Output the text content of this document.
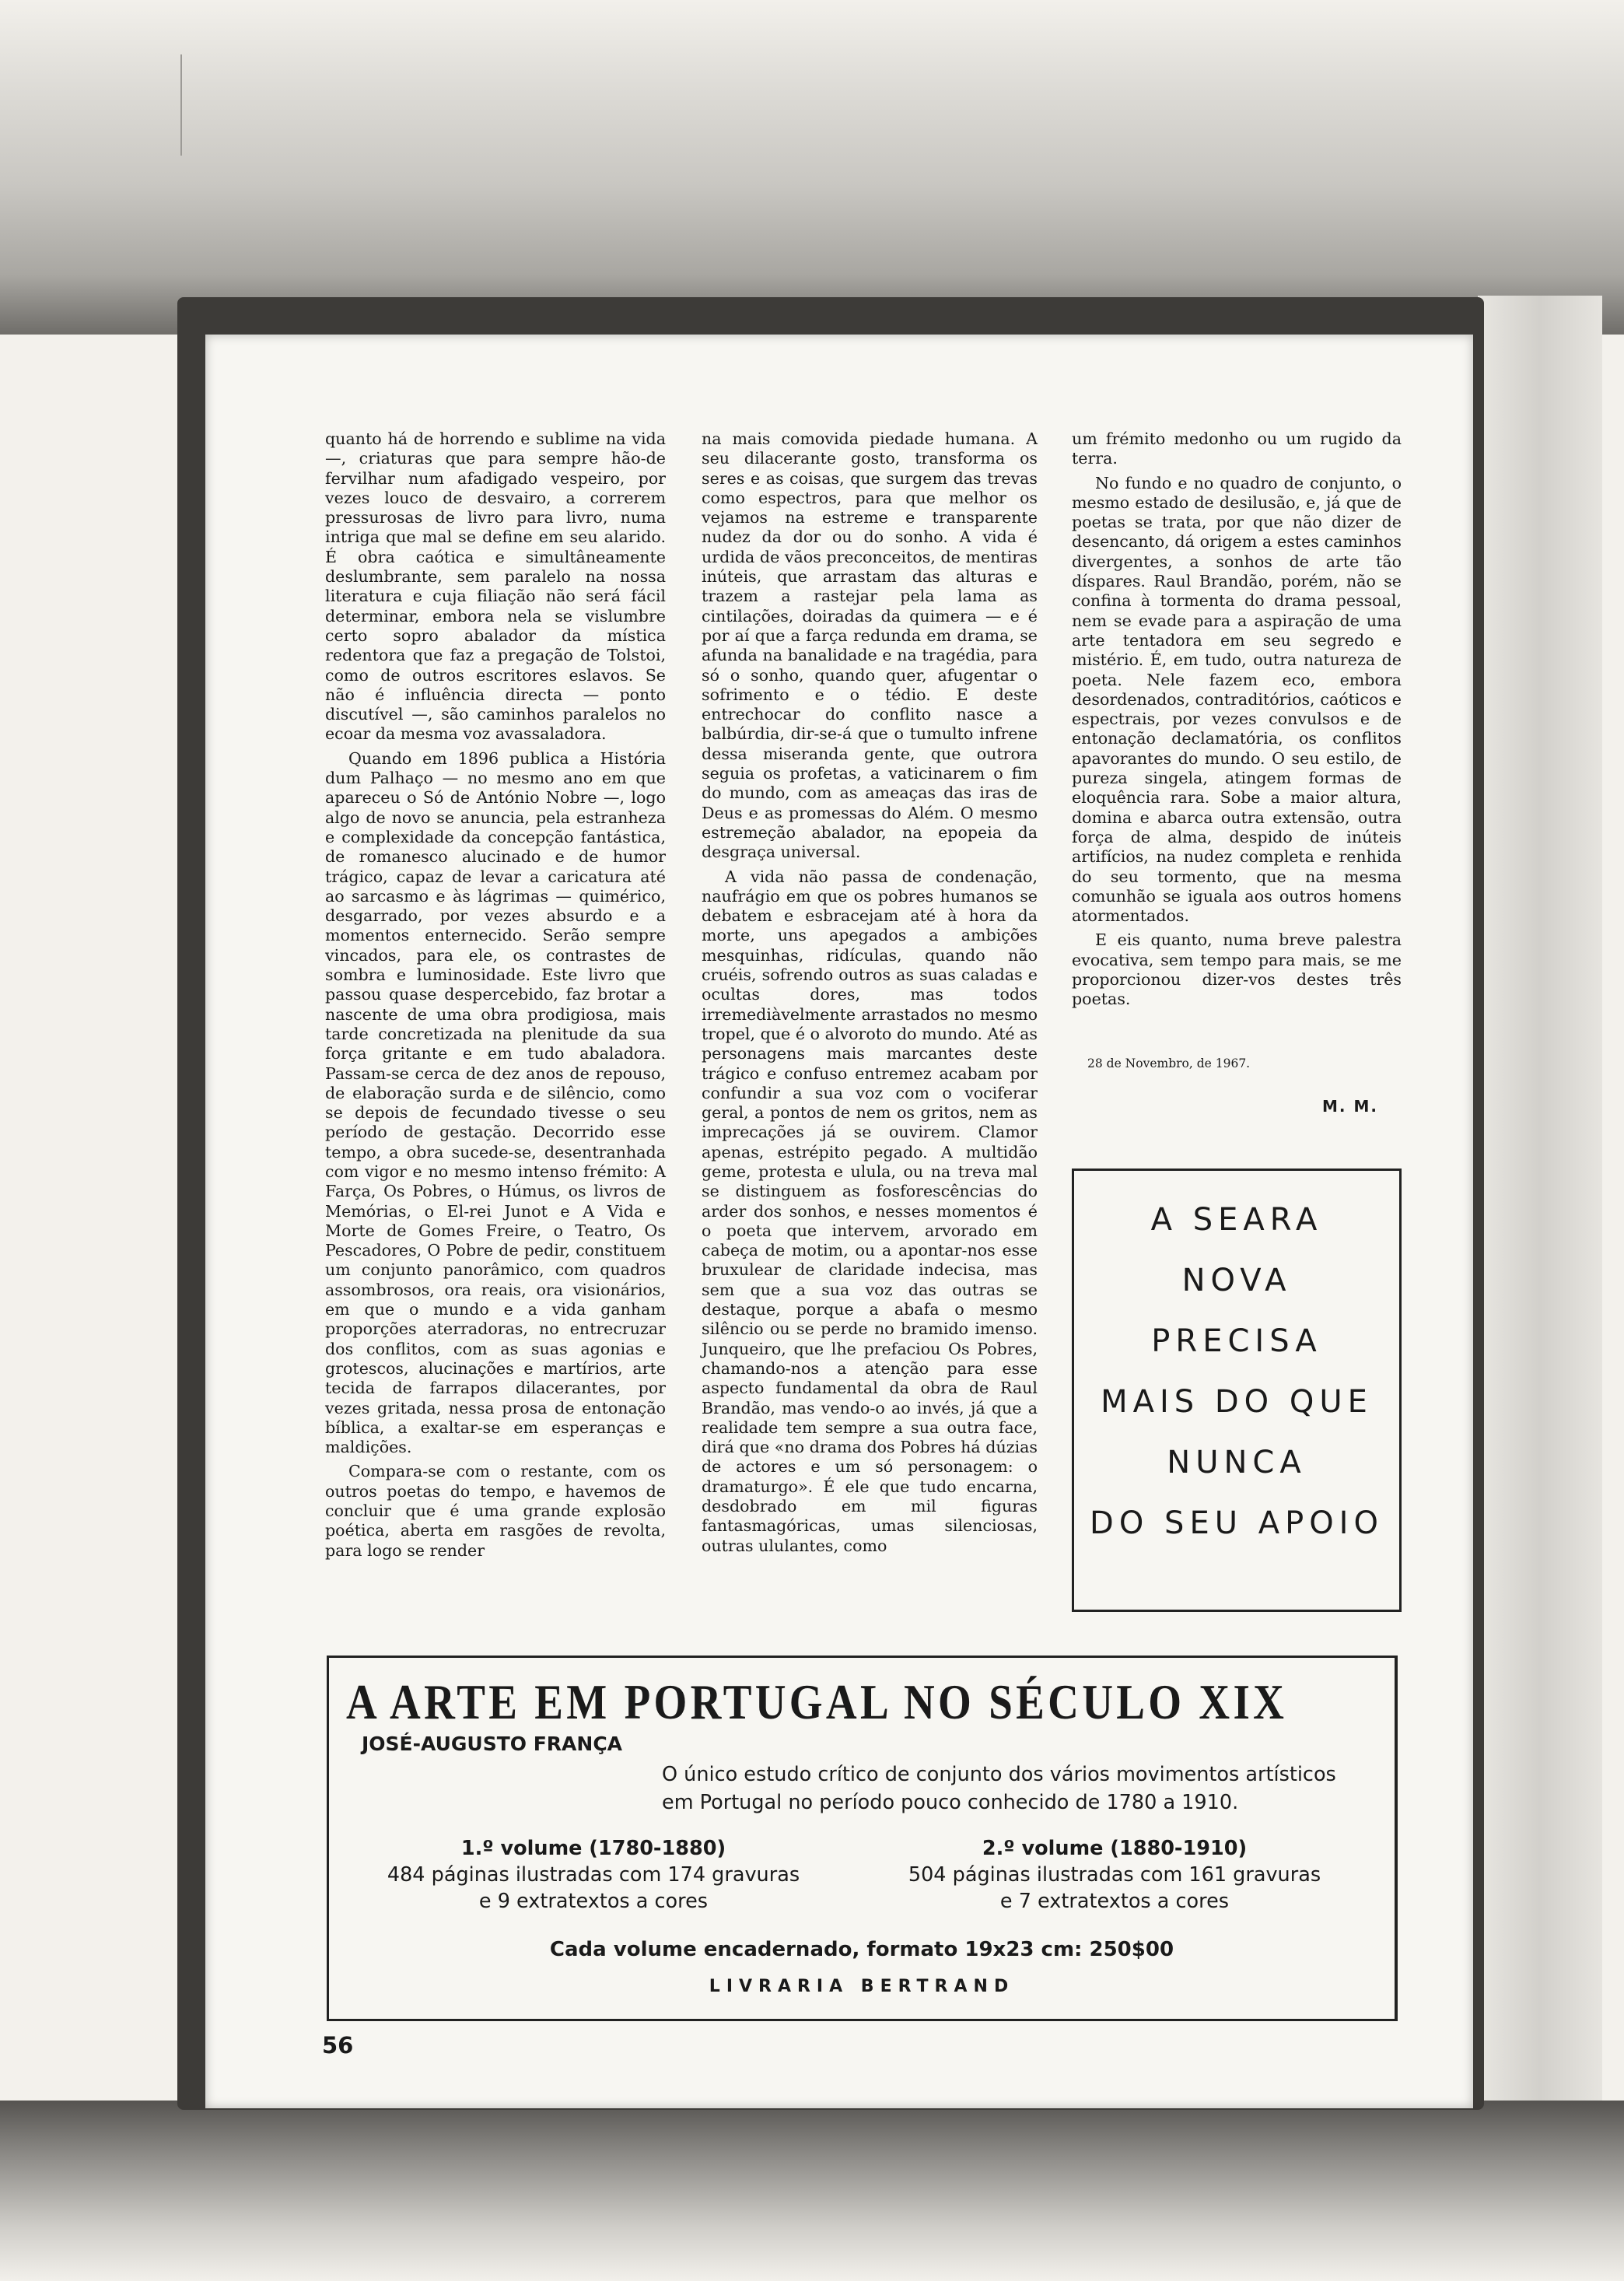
quanto há de horrendo e sublime na vida —, criaturas que para sempre hão-de fervilhar num afadigado vespeiro, por vezes louco de desvairo, a correrem pressurosas de livro para livro, numa intriga que mal se define em seu alarido. É obra caótica e simultâneamente deslumbrante, sem paralelo na nossa literatura e cuja filiação não será fácil determinar, embora nela se vislumbre certo sopro abalador da mística redentora que faz a pregação de Tolstoi, como de outros escritores eslavos. Se não é influência directa — ponto discutível —, são caminhos paralelos no ecoar da mesma voz avassaladora.

Quando em 1896 publica a História dum Palhaço — no mesmo ano em que apareceu o Só de António Nobre —, logo algo de novo se anuncia, pela estranheza e complexidade da concepção fantástica, de romanesco alucinado e de humor trágico, capaz de levar a caricatura até ao sarcasmo e às lágrimas — quimérico, desgarrado, por vezes absurdo e a momentos enternecido. Serão sempre vincados, para ele, os contrastes de sombra e luminosidade. Este livro que passou quase despercebido, faz brotar a nascente de uma obra prodigiosa, mais tarde concretizada na plenitude da sua força gritante e em tudo abaladora. Passam-se cerca de dez anos de repouso, de elaboração surda e de silêncio, como se depois de fecundado tivesse o seu período de gestação. Decorrido esse tempo, a obra sucede-se, desentranhada com vigor e no mesmo intenso frémito: A Farça, Os Pobres, o Húmus, os livros de Memórias, o El-rei Junot e A Vida e Morte de Gomes Freire, o Teatro, Os Pescadores, O Pobre de pedir, constituem um conjunto panorâmico, com quadros assombrosos, ora reais, ora visionários, em que o mundo e a vida ganham proporções aterradoras, no entrecruzar dos conflitos, com as suas agonias e grotescos, alucinações e martírios, arte tecida de farrapos dilacerantes, por vezes gritada, nessa prosa de entonação bíblica, a exaltar-se em esperanças e maldições.

Compara-se com o restante, com os outros poetas do tempo, e havemos de concluir que é uma grande explosão poética, aberta em rasgões de revolta, para logo se render

na mais comovida piedade humana. A seu dilacerante gosto, transforma os seres e as coisas, que surgem das trevas como espectros, para que melhor os vejamos na estreme e transparente nudez da dor ou do sonho. A vida é urdida de vãos preconceitos, de mentiras inúteis, que arrastam das alturas e trazem a rastejar pela lama as cintilações, doiradas da quimera — e é por aí que a farça redunda em drama, se afunda na banalidade e na tragédia, para só o sonho, quando quer, afugentar o sofrimento e o tédio. E deste entrechocar do conflito nasce a balbúrdia, dir-se-á que o tumulto infrene dessa miseranda gente, que outrora seguia os profetas, a vaticinarem o fim do mundo, com as ameaças das iras de Deus e as promessas do Além. O mesmo estremeção abalador, na epopeia da desgraça universal.

A vida não passa de condenação, naufrágio em que os pobres humanos se debatem e esbracejam até à hora da morte, uns apegados a ambições mesquinhas, ridículas, quando não cruéis, sofrendo outros as suas caladas e ocultas dores, mas todos irremediàvelmente arrastados no mesmo tropel, que é o alvoroto do mundo. Até as personagens mais marcantes deste trágico e confuso entremez acabam por confundir a sua voz com o vociferar geral, a pontos de nem os gritos, nem as imprecações já se ouvirem. Clamor apenas, estrépito pegado. A multidão geme, protesta e ulula, ou na treva mal se distinguem as fosforescências do arder dos sonhos, e nesses momentos é o poeta que intervem, arvorado em cabeça de motim, ou a apontar-nos esse bruxulear de claridade indecisa, mas sem que a sua voz das outras se destaque, porque a abafa o mesmo silêncio ou se perde no bramido imenso. Junqueiro, que lhe prefaciou Os Pobres, chamando-nos a atenção para esse aspecto fundamental da obra de Raul Brandão, mas vendo-o ao invés, já que a realidade tem sempre a sua outra face, dirá que «no drama dos Pobres há dúzias de actores e um só personagem: o dramaturgo». É ele que tudo encarna, desdobrado em mil figuras fantasmagóricas, umas silenciosas, outras ululantes, como

um frémito medonho ou um rugido da terra.

No fundo e no quadro de conjunto, o mesmo estado de desilusão, e, já que de poetas se trata, por que não dizer de desencanto, dá origem a estes caminhos divergentes, a sonhos de arte tão díspares. Raul Brandão, porém, não se confina à tormenta do drama pessoal, nem se evade para a aspiração de uma arte tentadora em seu segredo e mistério. É, em tudo, outra natureza de poeta. Nele fazem eco, embora desordenados, contraditórios, caóticos e espectrais, por vezes convulsos e de entonação declamatória, os conflitos apavorantes do mundo. O seu estilo, de pureza singela, atingem formas de eloquência rara. Sobe a maior altura, domina e abarca outra extensão, outra força de alma, despido de inúteis artifícios, na nudez completa e renhida do seu tormento, que na mesma comunhão se iguala aos outros homens atormentados.

E eis quanto, numa breve palestra evocativa, sem tempo para mais, se me proporcionou dizer-vos destes três poetas.

28 de Novembro, de 1967.
M. M.
A SEARA
NOVA
PRECISA
MAIS DO QUE
NUNCA
DO SEU APOIO
A ARTE EM PORTUGAL NO SÉCULO XIX
JOSÉ-AUGUSTO FRANÇA
O único estudo crítico de conjunto dos vários movimentos artísticos
em Portugal no período pouco conhecido de 1780 a 1910.
1.º volume (1780-1880)
484 páginas ilustradas com 174 gravuras
e 9 extratextos a cores
2.º volume (1880-1910)
504 páginas ilustradas com 161 gravuras
e 7 extratextos a cores
Cada volume encadernado, formato 19x23 cm: 250$00
LIVRARIA BERTRAND
56
